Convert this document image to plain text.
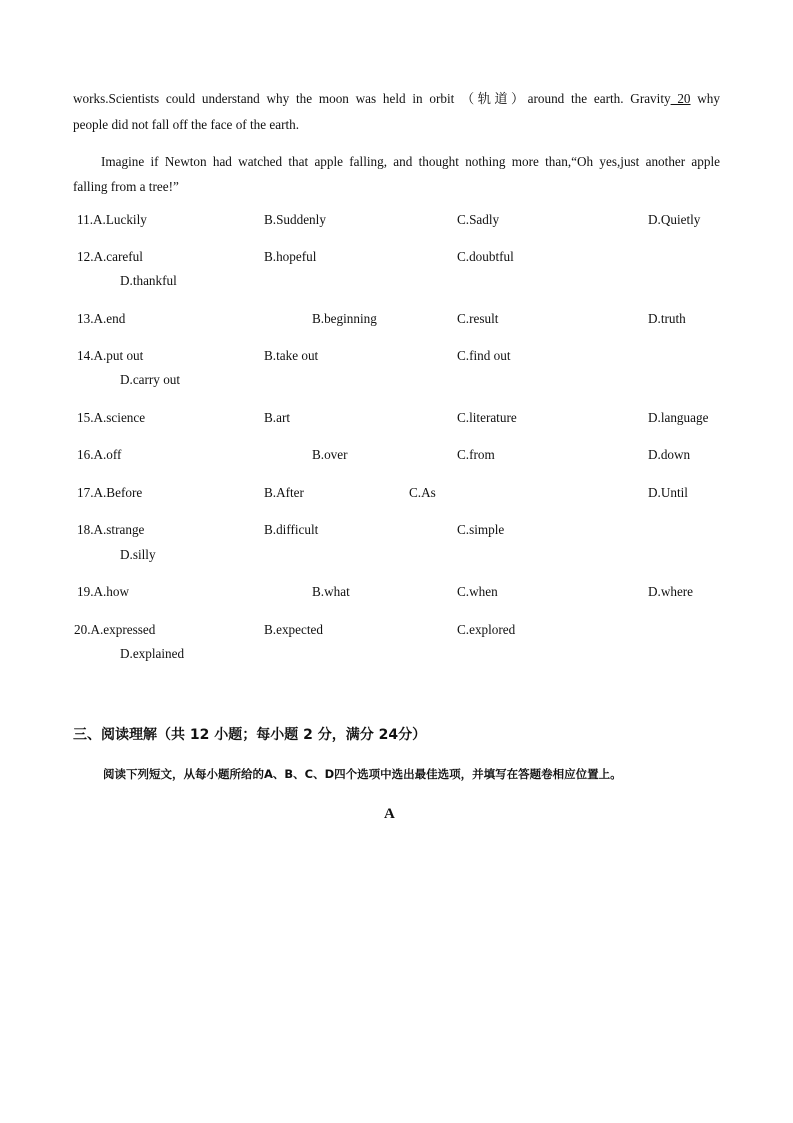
works.Scientists could understand why the moon was held in orbit （轨道）around the earth. Gravity 20 why
people did not fall off the face of the earth.
Imagine if Newton had watched that apple falling, and thought nothing more than,“Oh yes,just another apple
falling from a tree!”
11.A.Luckily	B.Suddenly	C.Sadly	D.Quietly
12.A.careful	B.hopeful	C.doubtful
D.thankful
13.A.end	B.beginning	C.result	D.truth
14.A.put out	B.take out	C.find out
D.carry out
15.A.science	B.art	C.literature	D.language
16.A.off	B.over	C.from	D.down
17.A.Before	B.After	C.As	D.Until
18.A.strange	B.difficult	C.simple
D.silly
19.A.how	B.what	C.when	D.where
20.A.expressed	B.expected	C.explored
D.explained
三、阅读理解（共 12 小题；每小题 2 分，满分 24分）
阅读下列短文，从每小题所给的A、B、C、D四个选项中选出最佳选项，并填写在答题卷相应位置上。
A
